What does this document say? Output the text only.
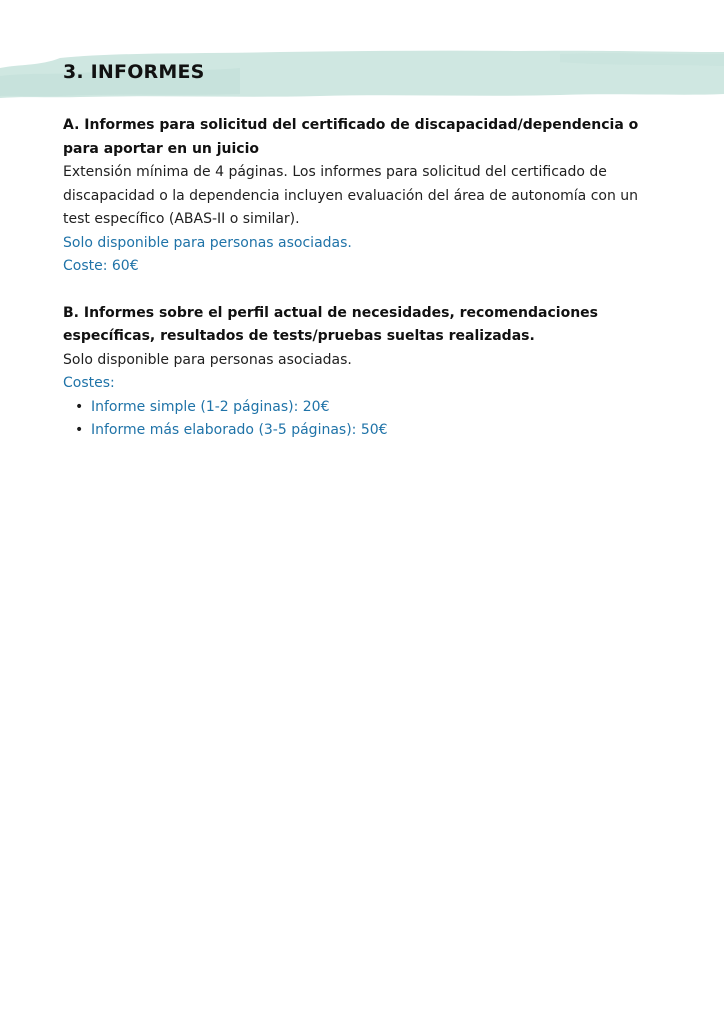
3. INFORMES

A. Informes para solicitud del certificado de discapacidad/dependencia o para aportar en un juicio

Extensión mínima de 4 páginas. Los informes para solicitud del certificado de discapacidad o la dependencia incluyen evaluación del área de autonomía con un test específico (ABAS-II o similar).

Solo disponible para personas asociadas.

Coste: 60€

B. Informes sobre el perfil actual de necesidades, recomendaciones específicas, resultados de tests/pruebas sueltas realizadas.

Solo disponible para personas asociadas.

Costes:

• Informe simple (1-2 páginas): 20€
• Informe más elaborado (3-5 páginas): 50€
